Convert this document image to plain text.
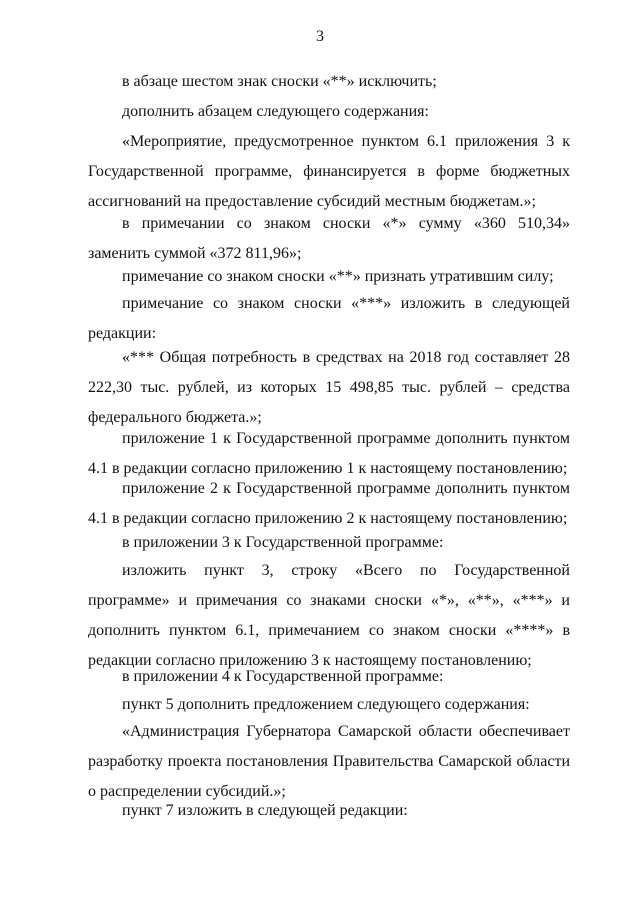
3

в абзаце шестом знак сноски «**» исключить;

дополнить абзацем следующего содержания:

«Мероприятие, предусмотренное пунктом 6.1 приложения 3 к Государственной программе, финансируется в форме бюджетных ассигнований на предоставление субсидий местным бюджетам.»;

в примечании со знаком сноски «*» сумму «360 510,34» заменить суммой «372 811,96»;

примечание со знаком сноски «**» признать утратившим силу;

примечание со знаком сноски «***» изложить в следующей редакции:

«*** Общая потребность в средствах на 2018 год составляет 28 222,30 тыс. рублей, из которых 15 498,85 тыс. рублей – средства федерального бюджета.»;

приложение 1 к Государственной программе дополнить пунктом 4.1 в редакции согласно приложению 1 к настоящему постановлению;

приложение 2 к Государственной программе дополнить пунктом 4.1 в редакции согласно приложению 2 к настоящему постановлению;

в приложении 3 к Государственной программе:

изложить пункт 3, строку «Всего по Государственной программе» и примечания со знаками сноски «*», «**», «***» и дополнить пунктом 6.1, примечанием со знаком сноски «****» в редакции согласно приложению 3 к настоящему постановлению;

в приложении 4 к Государственной программе:

пункт 5 дополнить предложением следующего содержания:

«Администрация Губернатора Самарской области обеспечивает разработку проекта постановления Правительства Самарской области о распределении субсидий.»;

пункт 7 изложить в следующей редакции:
